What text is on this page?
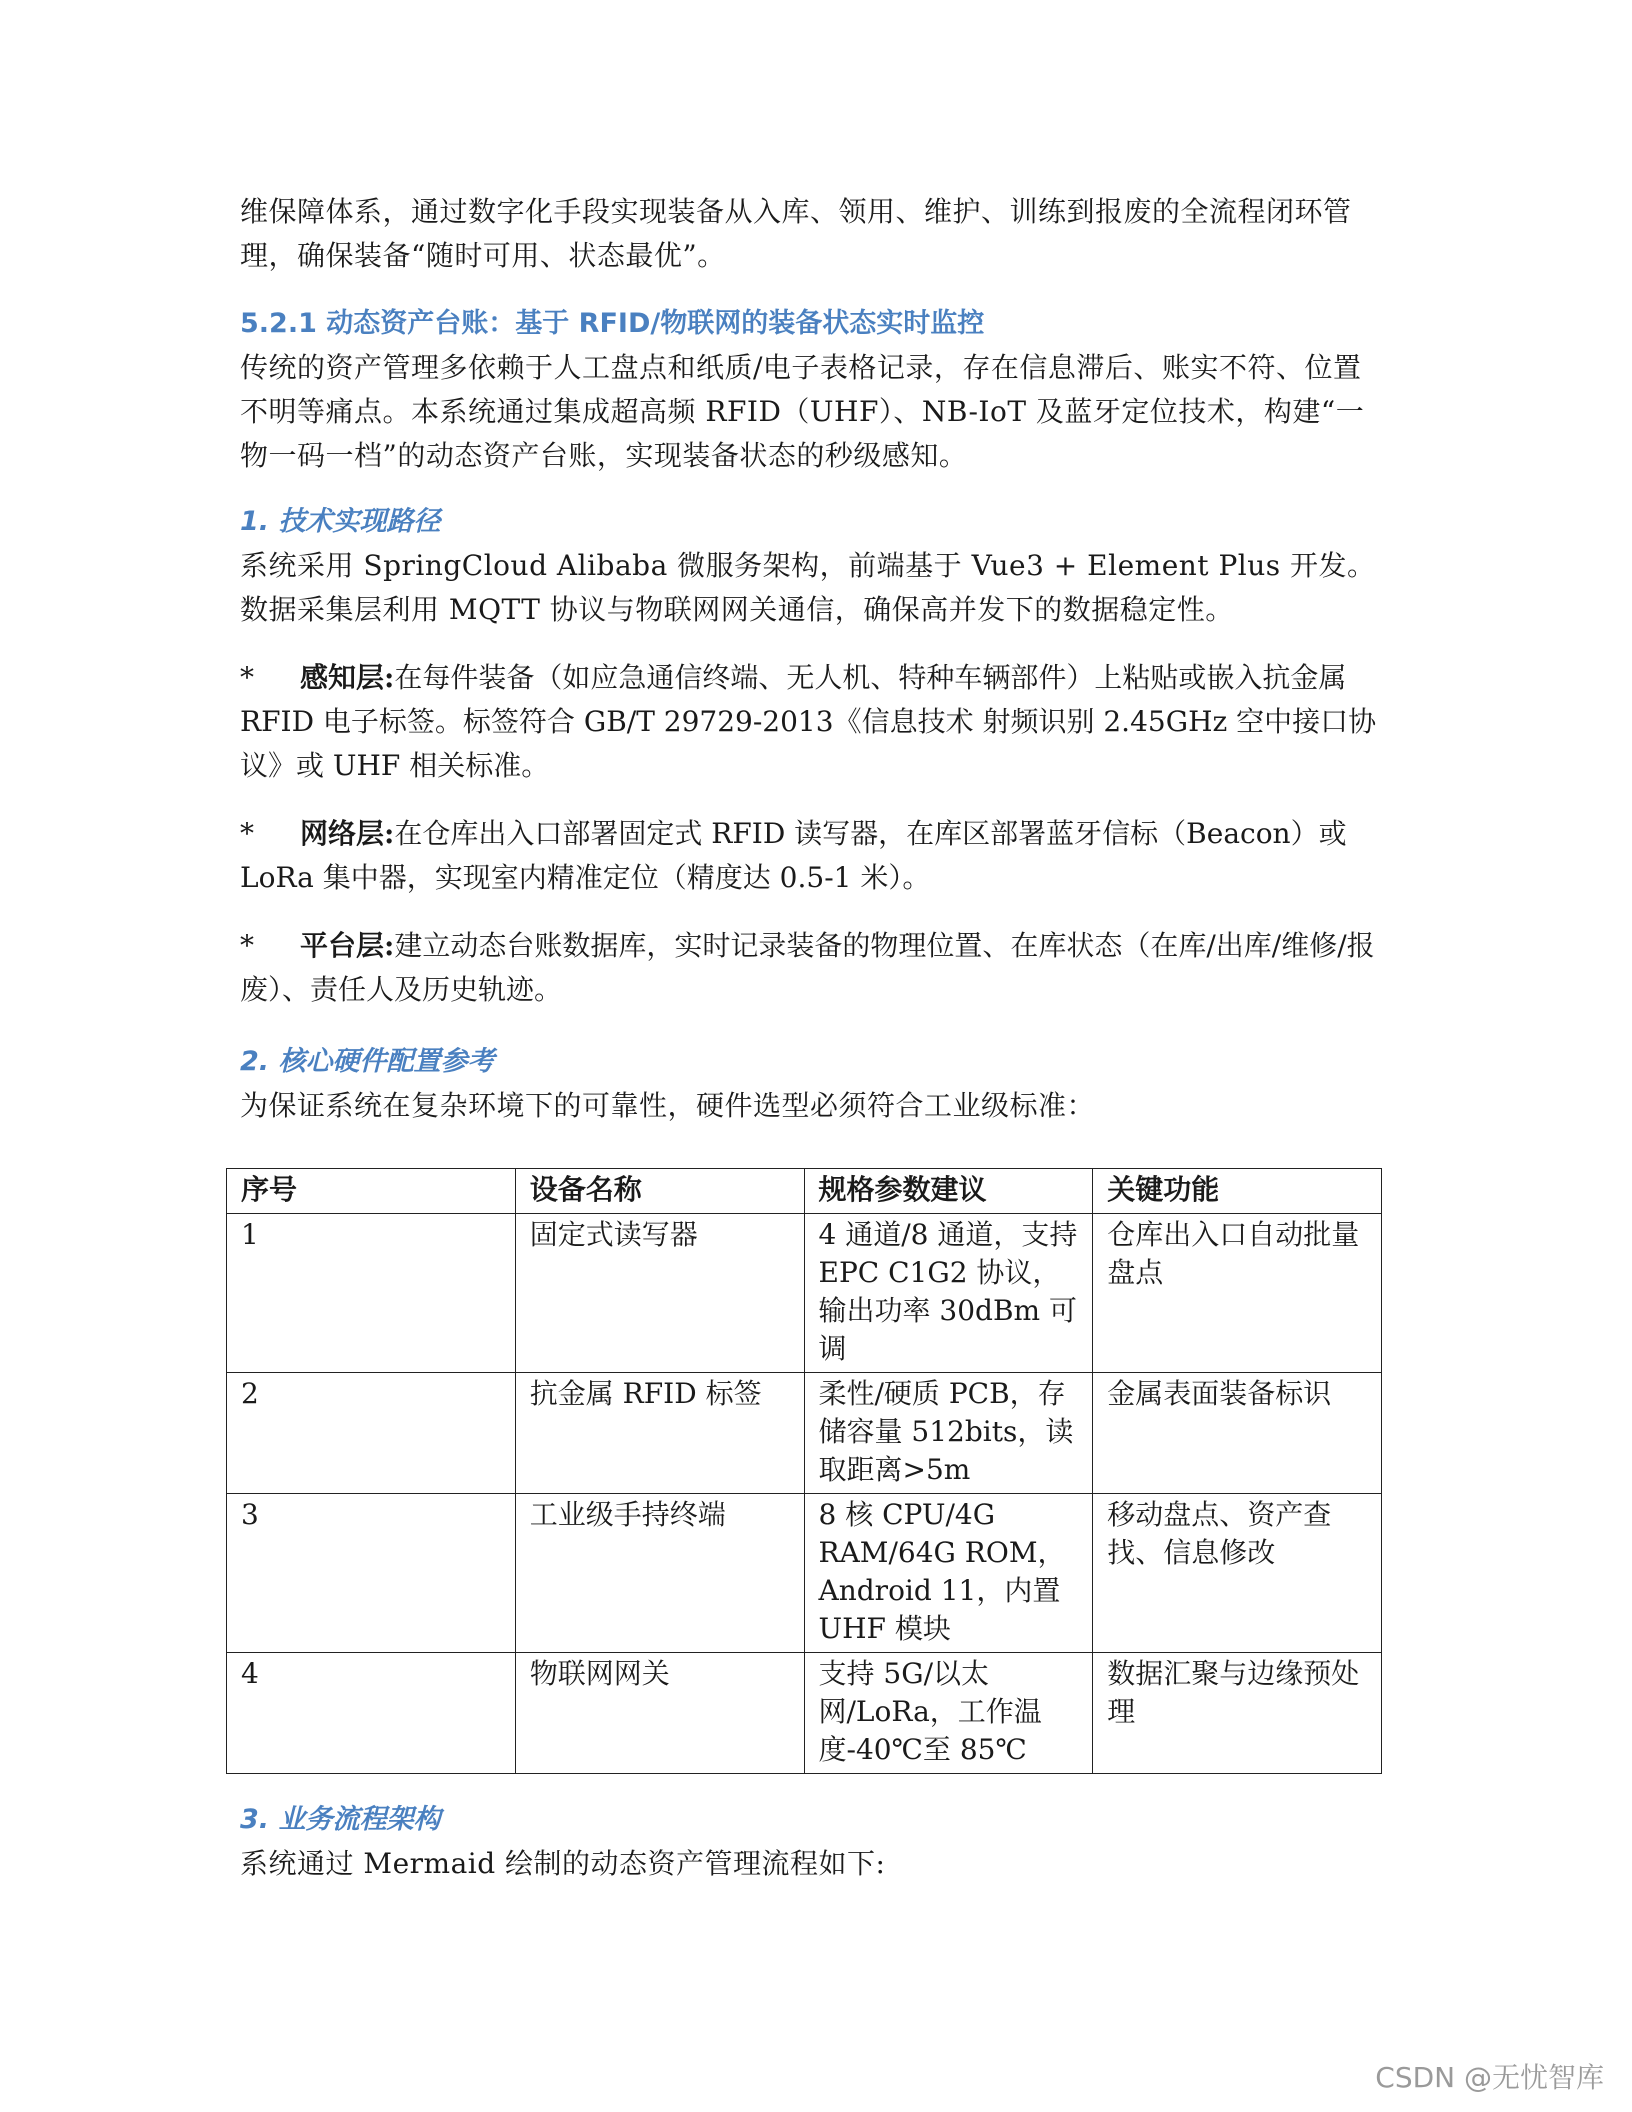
维保障体系，通过数字化手段实现装备从入库、领用、维护、训练到报废的全流程闭环管理，确保装备“随时可用、状态最优”。

5.2.1 动态资产台账：基于 RFID/物联网的装备状态实时监控

传统的资产管理多依赖于人工盘点和纸质/电子表格记录，存在信息滞后、账实不符、位置不明等痛点。本系统通过集成超高频 RFID（UHF）、NB-IoT 及蓝牙定位技术，构建“一物一码一档”的动态资产台账，实现装备状态的秒级感知。

1. 技术实现路径

系统采用 SpringCloud Alibaba 微服务架构，前端基于 Vue3 + Element Plus 开发。数据采集层利用 MQTT 协议与物联网网关通信，确保高并发下的数据稳定性。

* 感知层:在每件装备（如应急通信终端、无人机、特种车辆部件）上粘贴或嵌入抗金属 RFID 电子标签。标签符合 GB/T 29729-2013《信息技术 射频识别 2.45GHz 空中接口协议》或 UHF 相关标准。

* 网络层:在仓库出入口部署固定式 RFID 读写器，在库区部署蓝牙信标（Beacon）或 LoRa 集中器，实现室内精准定位（精度达 0.5-1 米）。

* 平台层:建立动态台账数据库，实时记录装备的物理位置、在库状态（在库/出库/维修/报废）、责任人及历史轨迹。

2. 核心硬件配置参考

为保证系统在复杂环境下的可靠性，硬件选型必须符合工业级标准：

序号	设备名称	规格参数建议	关键功能
1	固定式读写器	4 通道/8 通道，支持 EPC C1G2 协议，输出功率 30dBm 可调	仓库出入口自动批量盘点
2	抗金属 RFID 标签	柔性/硬质 PCB，存储容量 512bits，读取距离>5m	金属表面装备标识
3	工业级手持终端	8 核 CPU/4G RAM/64G ROM，Android 11，内置 UHF 模块	移动盘点、资产查找、信息修改
4	物联网网关	支持 5G/以太网/LoRa，工作温度-40℃至 85℃	数据汇聚与边缘预处理
3. 业务流程架构

系统通过 Mermaid 绘制的动态资产管理流程如下:

CSDN @无忧智库
